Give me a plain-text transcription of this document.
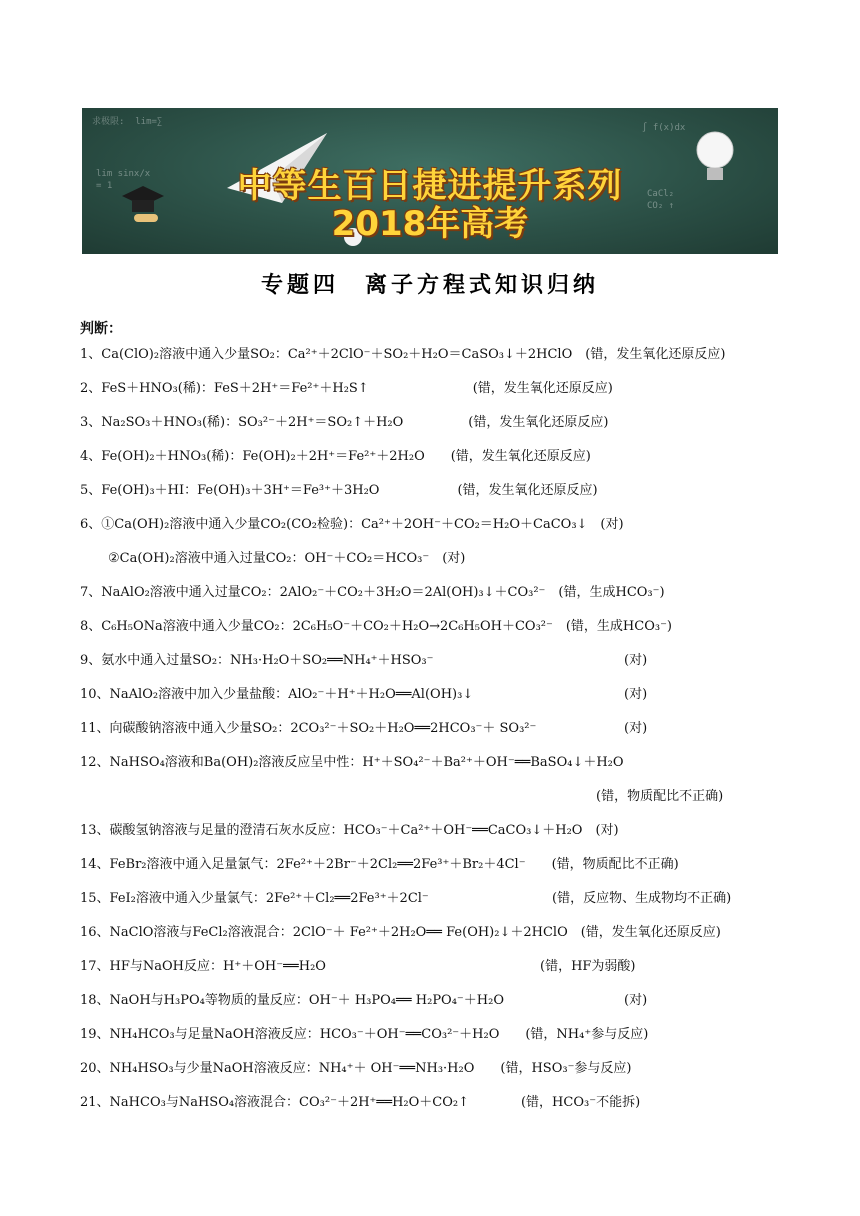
求极限:  lim=∑
lim sinx/x
= 1
∫ f(x)dx
CaCl₂
CO₂ ↑
中等生百日捷进提升系列
2018年高考
专题四　离子方程式知识归纳
判断：
1、Ca(ClO)₂溶液中通入少量SO₂：Ca²⁺＋2ClO⁻＋SO₂＋H₂O＝CaSO₃↓＋2HClO　(错，发生氧化还原反应)
2、FeS＋HNO₃(稀)：FeS＋2H⁺＝Fe²⁺＋H₂S↑　　　　　　　　(错，发生氧化还原反应)
3、Na₂SO₃＋HNO₃(稀)：SO₃²⁻＋2H⁺＝SO₂↑＋H₂O　　　　　(错，发生氧化还原反应)
4、Fe(OH)₂＋HNO₃(稀)：Fe(OH)₂＋2H⁺＝Fe²⁺＋2H₂O　　(错，发生氧化还原反应)
5、Fe(OH)₃＋HI：Fe(OH)₃＋3H⁺＝Fe³⁺＋3H₂O　　　　　　(错，发生氧化还原反应)
6、①Ca(OH)₂溶液中通入少量CO₂(CO₂检验)：Ca²⁺＋2OH⁻＋CO₂＝H₂O＋CaCO₃↓　(对)
②Ca(OH)₂溶液中通入过量CO₂：OH⁻＋CO₂＝HCO₃⁻　(对)
7、NaAlO₂溶液中通入过量CO₂：2AlO₂⁻＋CO₂＋3H₂O＝2Al(OH)₃↓＋CO₃²⁻　(错，生成HCO₃⁻)
8、C₆H₅ONa溶液中通入少量CO₂：2C₆H₅O⁻＋CO₂＋H₂O→2C₆H₅OH＋CO₃²⁻　(错，生成HCO₃⁻)
9、氨水中通入过量SO₂：NH₃·H₂O＋SO₂══NH₄⁺＋HSO₃⁻	(对)
10、NaAlO₂溶液中加入少量盐酸：AlO₂⁻＋H⁺＋H₂O══Al(OH)₃↓	(对)
11、向碳酸钠溶液中通入少量SO₂：2CO₃²⁻＋SO₂＋H₂O══2HCO₃⁻＋ SO₃²⁻	(对)
12、NaHSO₄溶液和Ba(OH)₂溶液反应呈中性：H⁺＋SO₄²⁻＋Ba²⁺＋OH⁻══BaSO₄↓＋H₂O
(错，物质配比不正确)
13、碳酸氢钠溶液与足量的澄清石灰水反应：HCO₃⁻＋Ca²⁺＋OH⁻══CaCO₃↓＋H₂O　(对)
14、FeBr₂溶液中通入足量氯气：2Fe²⁺＋2Br⁻＋2Cl₂══2Fe³⁺＋Br₂＋4Cl⁻　　(错，物质配比不正确)
15、FeI₂溶液中通入少量氯气：2Fe²⁺＋Cl₂══2Fe³⁺＋2Cl⁻	(错，反应物、生成物均不正确)
16、NaClO溶液与FeCl₂溶液混合：2ClO⁻＋ Fe²⁺＋2H₂O══ Fe(OH)₂↓＋2HClO　(错，发生氧化还原反应)
17、HF与NaOH反应：H⁺＋OH⁻══H₂O	(错，HF为弱酸)
18、NaOH与H₃PO₄等物质的量反应：OH⁻＋ H₃PO₄══ H₂PO₄⁻＋H₂O	(对)
19、NH₄HCO₃与足量NaOH溶液反应：HCO₃⁻＋OH⁻══CO₃²⁻＋H₂O　　(错，NH₄⁺参与反应)
20、NH₄HSO₃与少量NaOH溶液反应：NH₄⁺＋ OH⁻══NH₃·H₂O　　(错，HSO₃⁻参与反应)
21、NaHCO₃与NaHSO₄溶液混合：CO₃²⁻＋2H⁺══H₂O＋CO₂↑　　　　(错，HCO₃⁻不能拆)
